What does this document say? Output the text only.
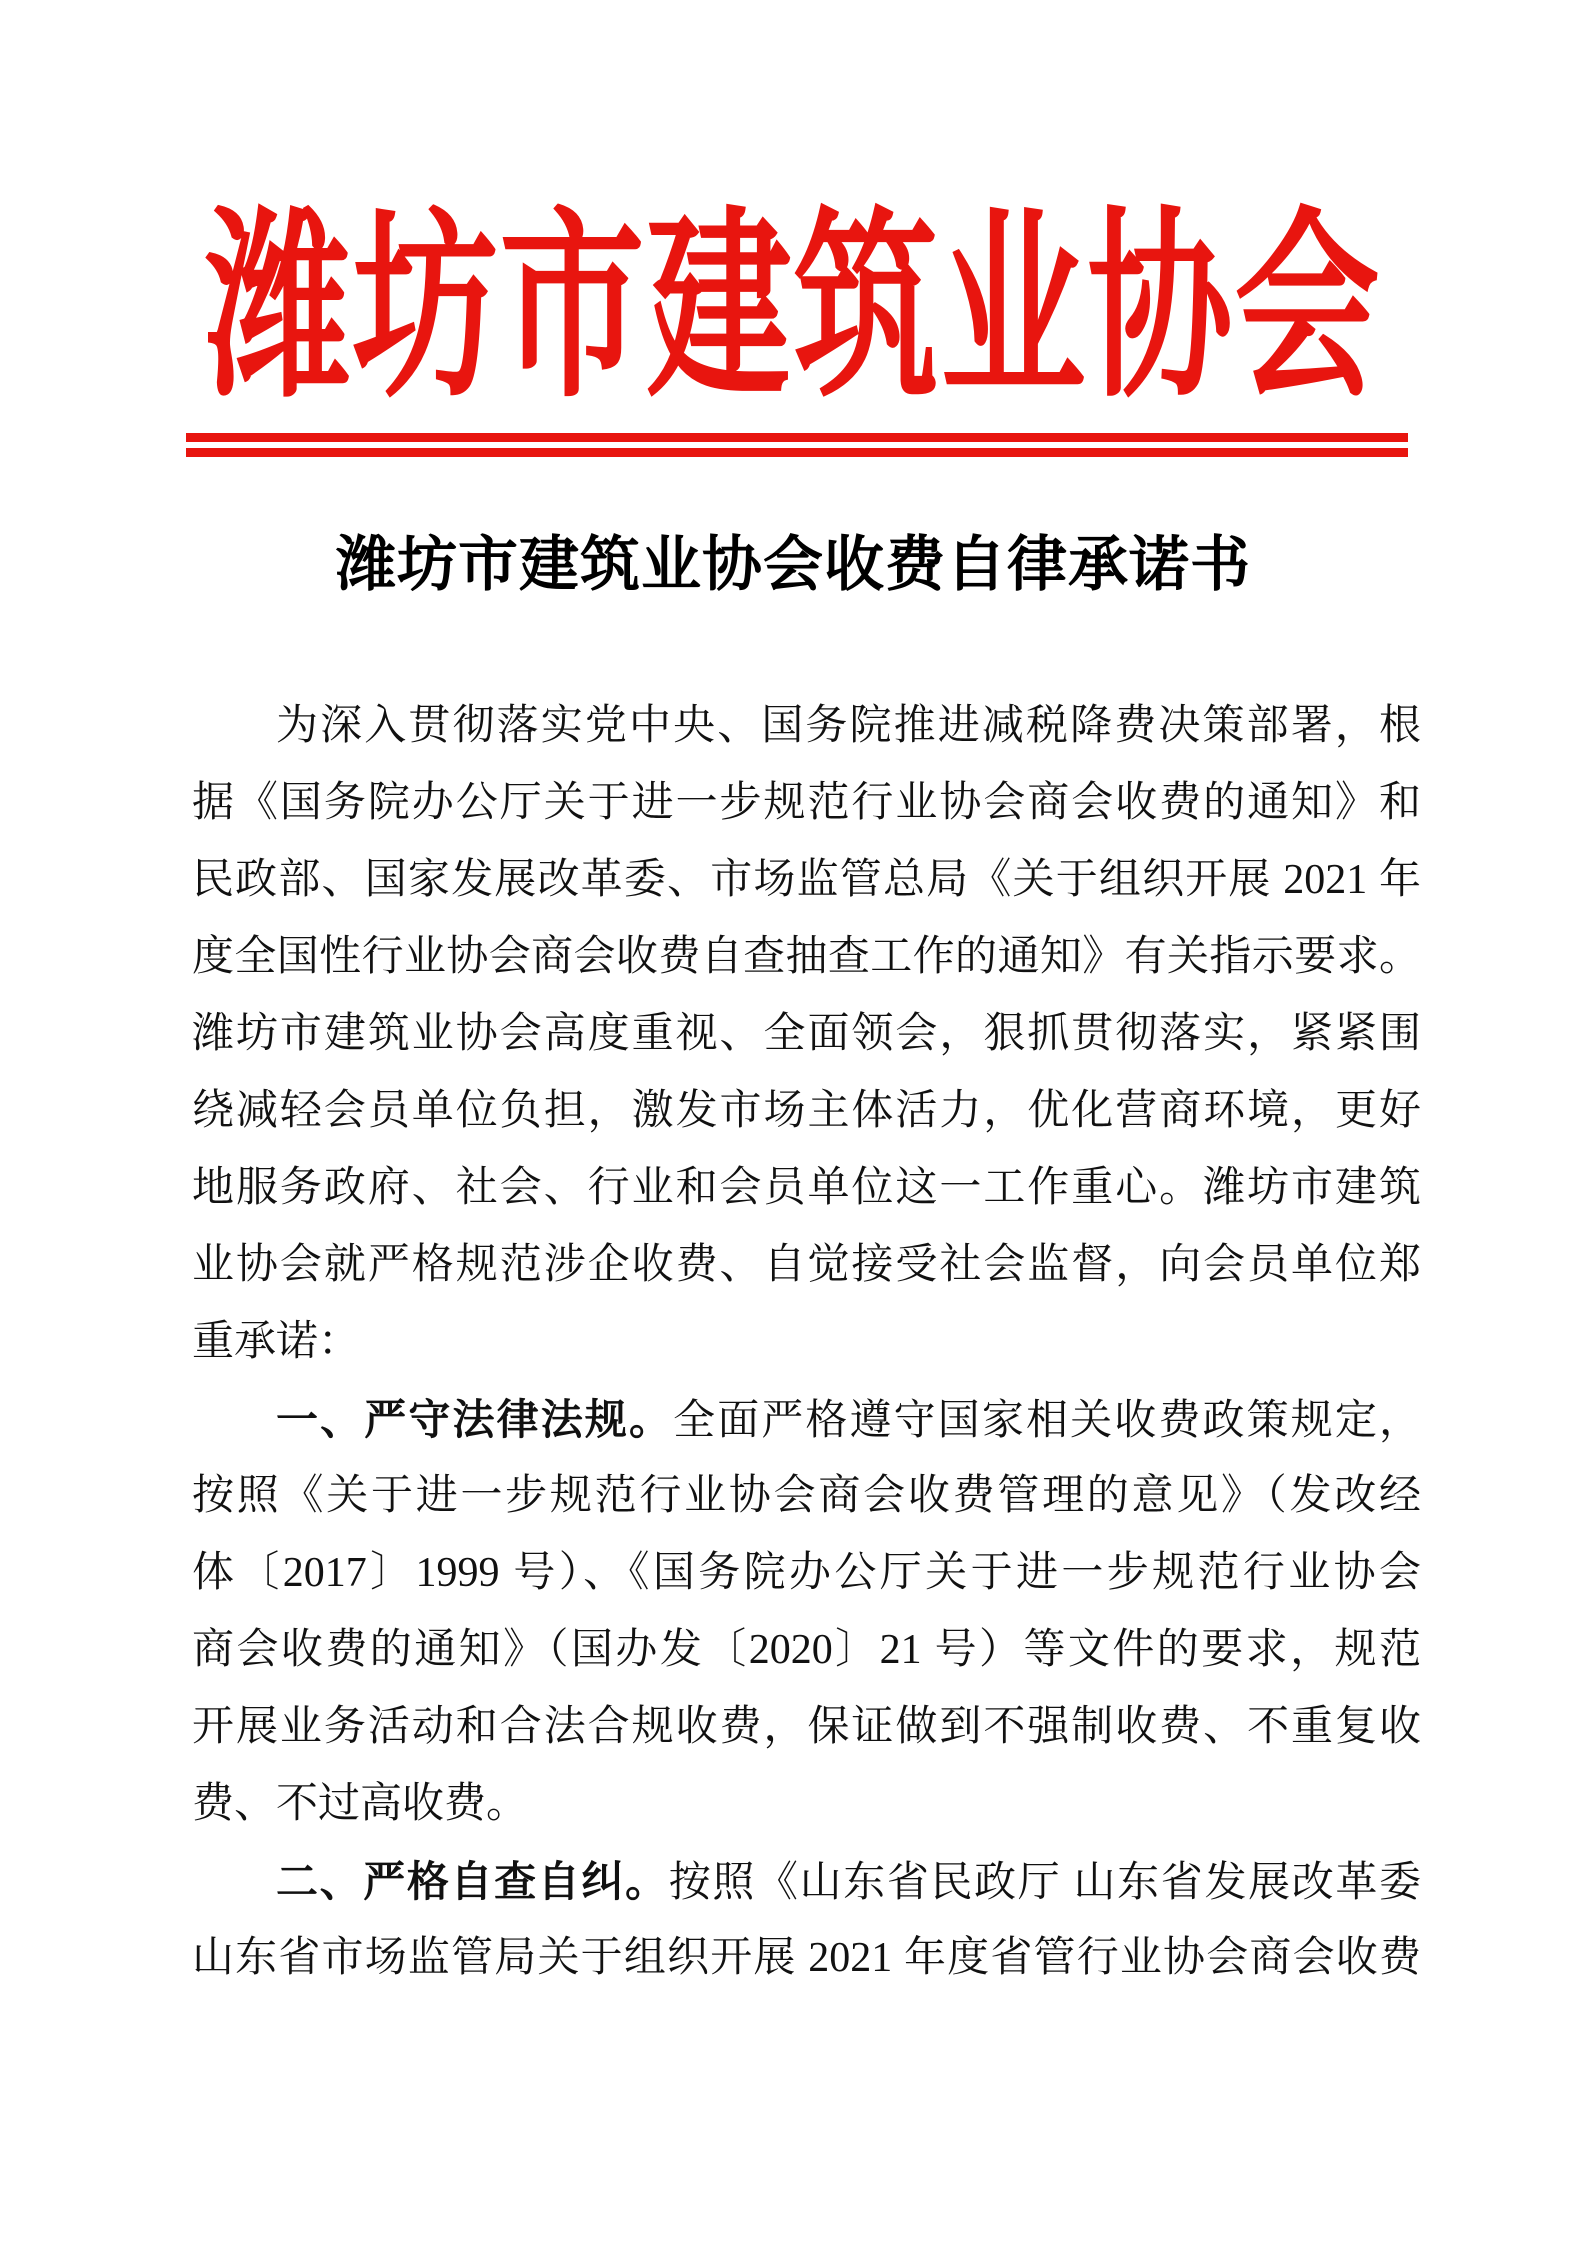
潍坊市建筑业协会
潍坊市建筑业协会收费自律承诺书
为深入贯彻落实党中央、国务院推进减税降费决策部署，根
据《国务院办公厅关于进一步规范行业协会商会收费的通知》和
民政部、国家发展改革委、市场监管总局《关于组织开展 2021 年
度全国性行业协会商会收费自查抽查工作的通知》有关指示要求。
潍坊市建筑业协会高度重视、全面领会，狠抓贯彻落实，紧紧围
绕减轻会员单位负担，激发市场主体活力，优化营商环境，更好
地服务政府、社会、行业和会员单位这一工作重心。潍坊市建筑
业协会就严格规范涉企收费、自觉接受社会监督，向会员单位郑
重承诺：
一、严守法律法规。全面严格遵守国家相关收费政策规定，
按照《关于进一步规范行业协会商会收费管理的意见》（发改经
体〔2017〕1999 号）、《国务院办公厅关于进一步规范行业协会
商会收费的通知》（国办发〔2020〕21 号）等文件的要求，规范
开展业务活动和合法合规收费，保证做到不强制收费、不重复收
费、不过高收费。
二、严格自查自纠。按照《山东省民政厅 山东省发展改革委
山东省市场监管局关于组织开展 2021 年度省管行业协会商会收费
